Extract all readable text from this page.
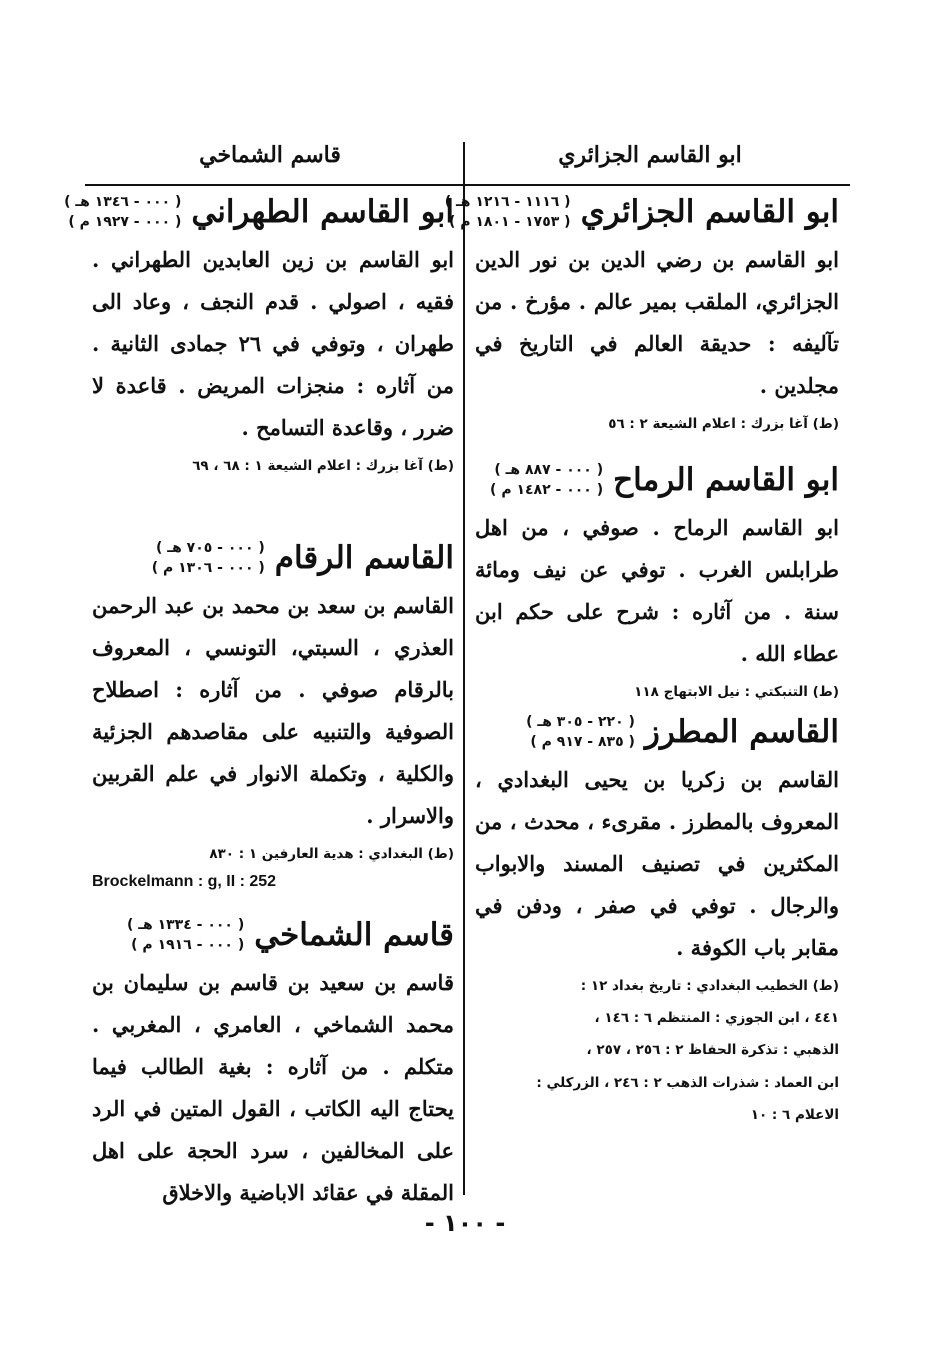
ابو القاسم الجزائري
قاسم الشماخي
ابو القاسم الجزائري
( ١١١٦ - ١٢١٦ هـ )
( ١٧٥٣ - ١٨٠١ م )
ابو القاسم بن رضي الدين بن نور الدين الجزائري، الملقب بمير عالم . مؤرخ . من تآليفه : حديقة العالم في التاريخ في مجلدين .
(ط) آغا بزرك : اعلام الشيعة ٢ : ٥٦
ابو القاسم الرماح
( ٠٠٠ - ٨٨٧ هـ )
( ٠٠٠ - ١٤٨٢ م )
ابو القاسم الرماح . صوفي ، من اهل طرابلس الغرب . توفي عن نيف ومائة سنة . من آثاره : شرح على حكم ابن عطاء الله .
(ط) التنبكتي : نيل الابتهاج ١١٨
القاسم المطرز
( ٢٢٠ - ٣٠٥ هـ )
( ٨٣٥ - ٩١٧ م )
القاسم بن زكريا بن يحيى البغدادي ، المعروف بالمطرز . مقرىء ، محدث ، من المكثرين في تصنيف المسند والابواب والرجال . توفي في صفر ، ودفن في مقابر باب الكوفة .
(ط) الخطيب البغدادي : تاريخ بغداد ١٢ :
٤٤١ ، ابن الجوزي : المنتظم ٦ : ١٤٦ ،
الذهبي : تذكرة الحفاظ ٢ : ٢٥٦ ، ٢٥٧ ،
ابن العماد : شذرات الذهب ٢ : ٢٤٦ ، الزركلي :
الاعلام ٦ : ١٠
ابو القاسم الطهراني
( ٠٠٠ - ١٣٤٦ هـ )
( ٠٠٠ - ١٩٢٧ م )
ابو القاسم بن زين العابدين الطهراني . فقيه ، اصولي . قدم النجف ، وعاد الى طهران ، وتوفي في ٢٦ جمادى الثانية . من آثاره : منجزات المريض . قاعدة لا ضرر ، وقاعدة التسامح .
(ط) آغا بزرك : اعلام الشيعة ١ : ٦٨ ، ٦٩
القاسم الرقام
( ٠٠٠ - ٧٠٥ هـ )
( ٠٠٠ - ١٣٠٦ م )
القاسم بن سعد بن محمد بن عبد الرحمن العذري ، السبتي، التونسي ، المعروف بالرقام صوفي . من آثاره : اصطلاح الصوفية والتنبيه على مقاصدهم الجزئية والكلية ، وتكملة الانوار في علم القربين والاسرار .
(ط) البغدادي : هدية العارفين ١ : ٨٣٠
Brockelmann : g, II : 252
قاسم الشماخي
( ٠٠٠ - ١٣٣٤ هـ )
( ٠٠٠ - ١٩١٦ م )
قاسم بن سعيد بن قاسم بن سليمان بن محمد الشماخي ، العامري ، المغربي . متكلم . من آثاره : بغية الطالب فيما يحتاج اليه الكاتب ، القول المتين في الرد على المخالفين ، سرد الحجة على اهل المقلة في عقائد الاباضية والاخلاق
- ١٠٠ -
